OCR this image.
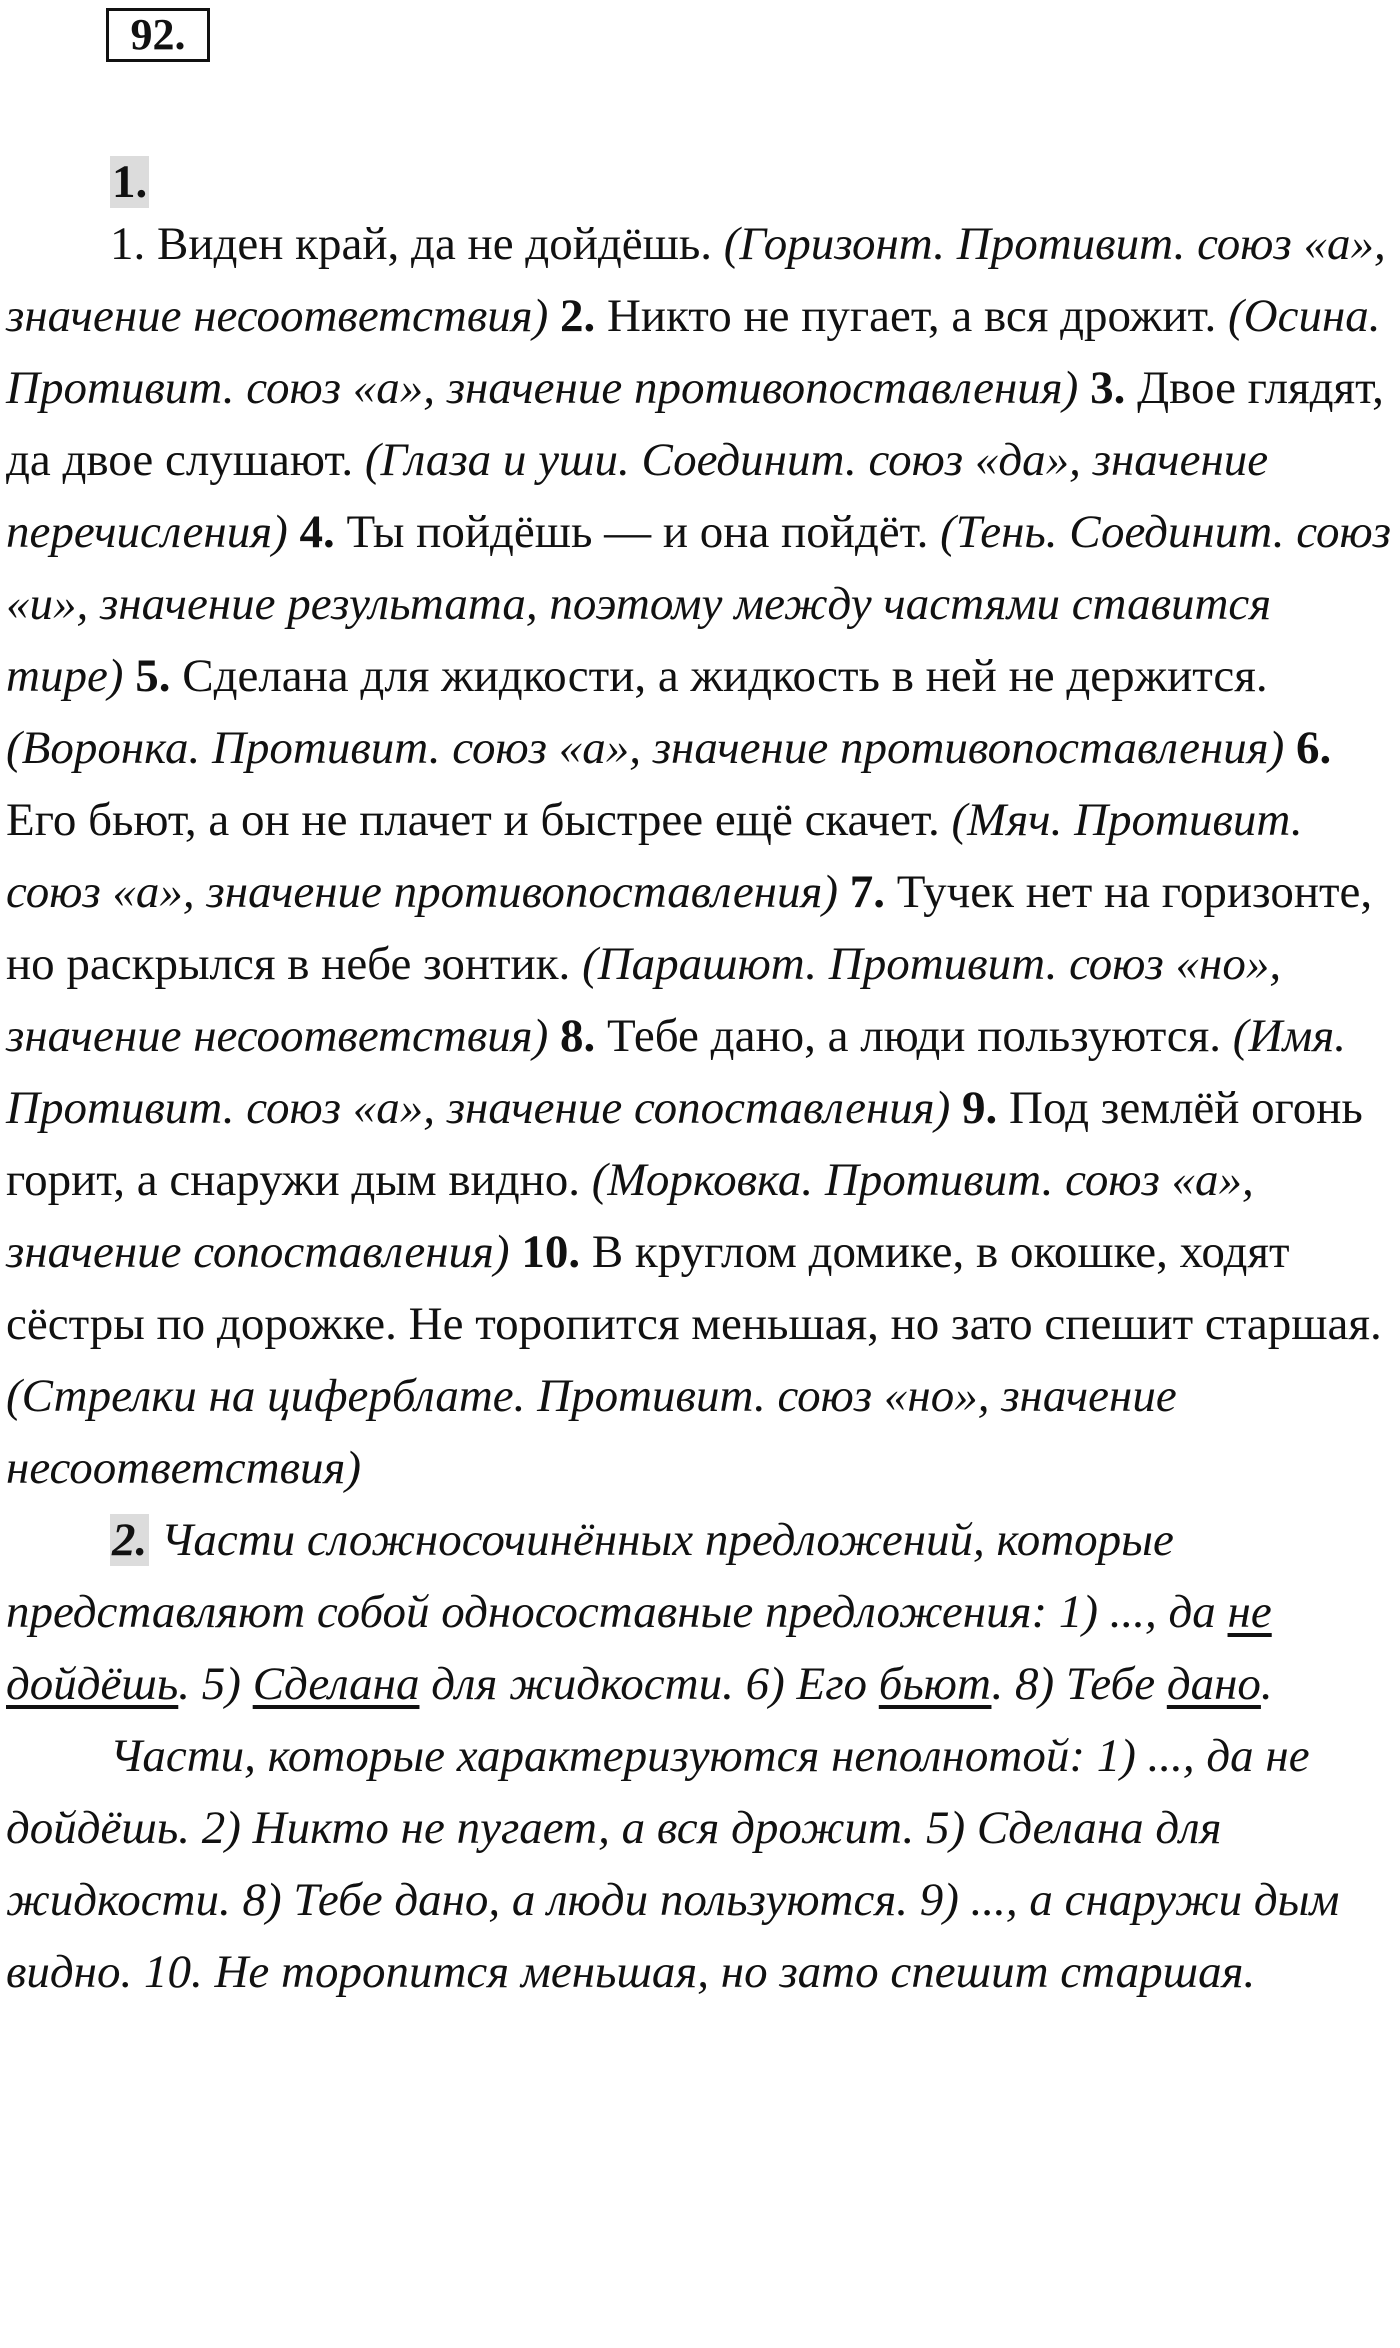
92.
1.

1. Виден край, да не дойдёшь. (Горизонт. Противит. союз «а», значение несоответствия) 2. Никто не пугает, а вся дрожит. (Осина. Противит. союз «а», значение противопоставления) 3. Двое глядят, да двое слушают. (Глаза и уши. Соединит. союз «да», значение перечисления) 4. Ты пойдёшь — и она пойдёт. (Тень. Соединит. союз «и», значение результата, поэтому между частями ставится тире) 5. Сделана для жидкости, а жидкость в ней не держится. (Воронка. Противит. союз «а», значение противопоставления) 6. Его бьют, а он не плачет и быстрее ещё скачет. (Мяч. Противит. союз «а», значение противопоставления) 7. Тучек нет на горизонте, но раскрылся в небе зонтик. (Парашют. Противит. союз «но», значение несоответствия) 8. Тебе дано, а люди пользуются. (Имя. Противит. союз «а», значение сопоставления) 9. Под землёй огонь горит, а снаружи дым видно. (Морковка. Противит. союз «а», значение сопоставления) 10. В круглом домике, в окошке, ходят сёстры по дорожке. Не торопится меньшая, но зато спешит старшая. (Стрелки на циферблате. Противит. союз «но», значение несоответствия)

2. Части сложносочинённых предложений, которые представляют собой односоставные предложения: 1) ..., да не дойдёшь. 5) Сделана для жидкости. 6) Его бьют. 8) Тебе дано.

Части, которые характеризуются неполнотой: 1) ..., да не дойдёшь. 2) Никто не пугает, а вся дрожит. 5) Сделана для жидкости. 8) Тебе дано, а люди пользуются. 9) ..., а снаружи дым видно. 10. Не торопится меньшая, но зато спешит старшая.
